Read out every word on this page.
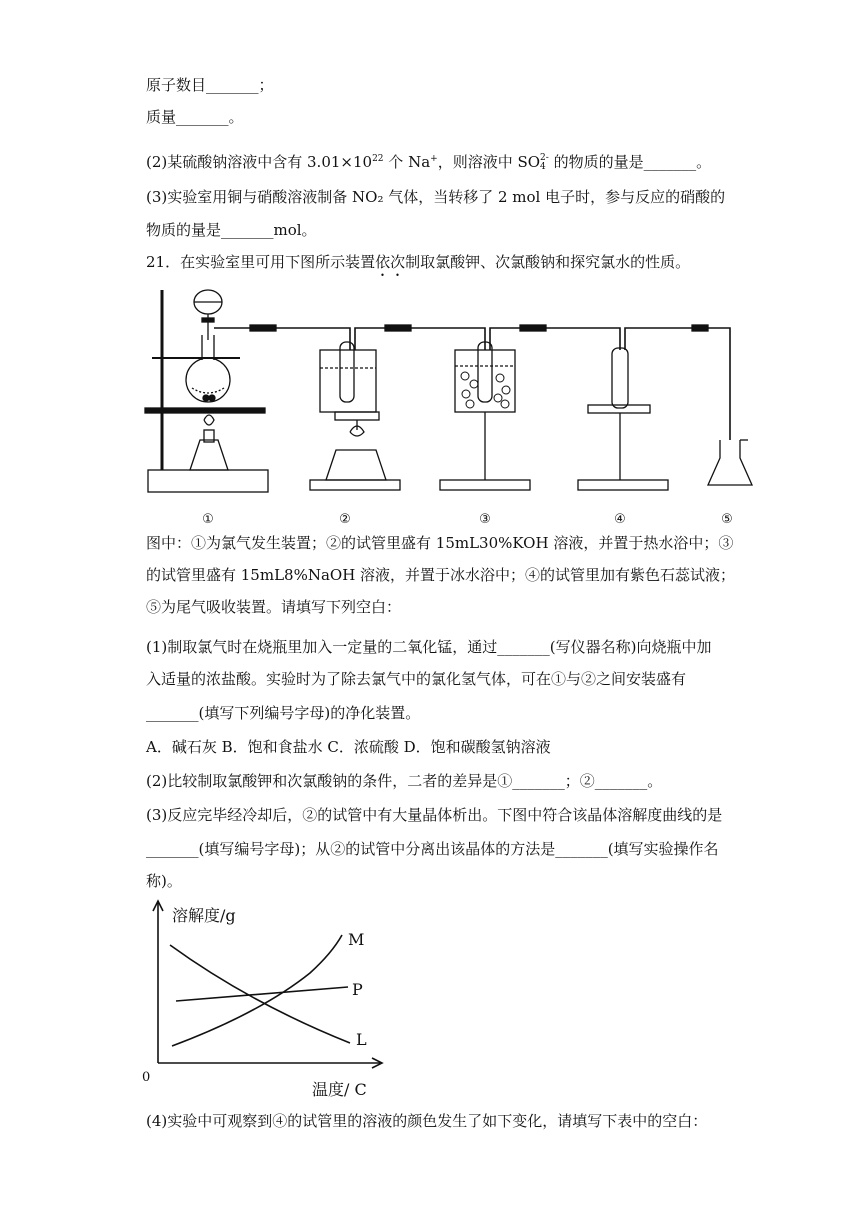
原子数目_______；
质量_______。
(2)某硫酸钠溶液中含有 $3.01\times 10^{22}$ 个 Na+，则溶液中 SO 2-
4 的物质的量是_______。
(3)实验室用铜与硝酸溶液制备 NO₂ 气体，当转移了 2 mol 电子时，参与反应的硝酸的
物质的量是_______mol。
21．在实验室里可用下图所示装置依次制取氯酸钾、次氯酸钠和探究氯水的性质。
①	②	③	④	⑤
图中：①为氯气发生装置；②的试管里盛有 15mL30%KOH 溶液，并置于热水浴中；③
的试管里盛有 15mL8%NaOH 溶液，并置于冰水浴中；④的试管里加有紫色石蕊试液；
⑤为尾气吸收装置。请填写下列空白：
(1)制取氯气时在烧瓶里加入一定量的二氧化锰，通过_______(写仪器名称)向烧瓶中加
入适量的浓盐酸。实验时为了除去氯气中的氯化氢气体，可在①与②之间安装盛有
_______(填写下列编号字母)的净化装置。
A．碱石灰 B．饱和食盐水 C．浓硫酸 D．饱和碳酸氢钠溶液
(2)比较制取氯酸钾和次氯酸钠的条件，二者的差异是①_______；②_______。
(3)反应完毕经冷却后，②的试管中有大量晶体析出。下图中符合该晶体溶解度曲线的是
_______(填写编号字母)；从②的试管中分离出该晶体的方法是_______(填写实验操作名
称)。
溶解度/g
0
温度/ C
M
P
L
(4)实验中可观察到④的试管里的溶液的颜色发生了如下变化，请填写下表中的空白：
